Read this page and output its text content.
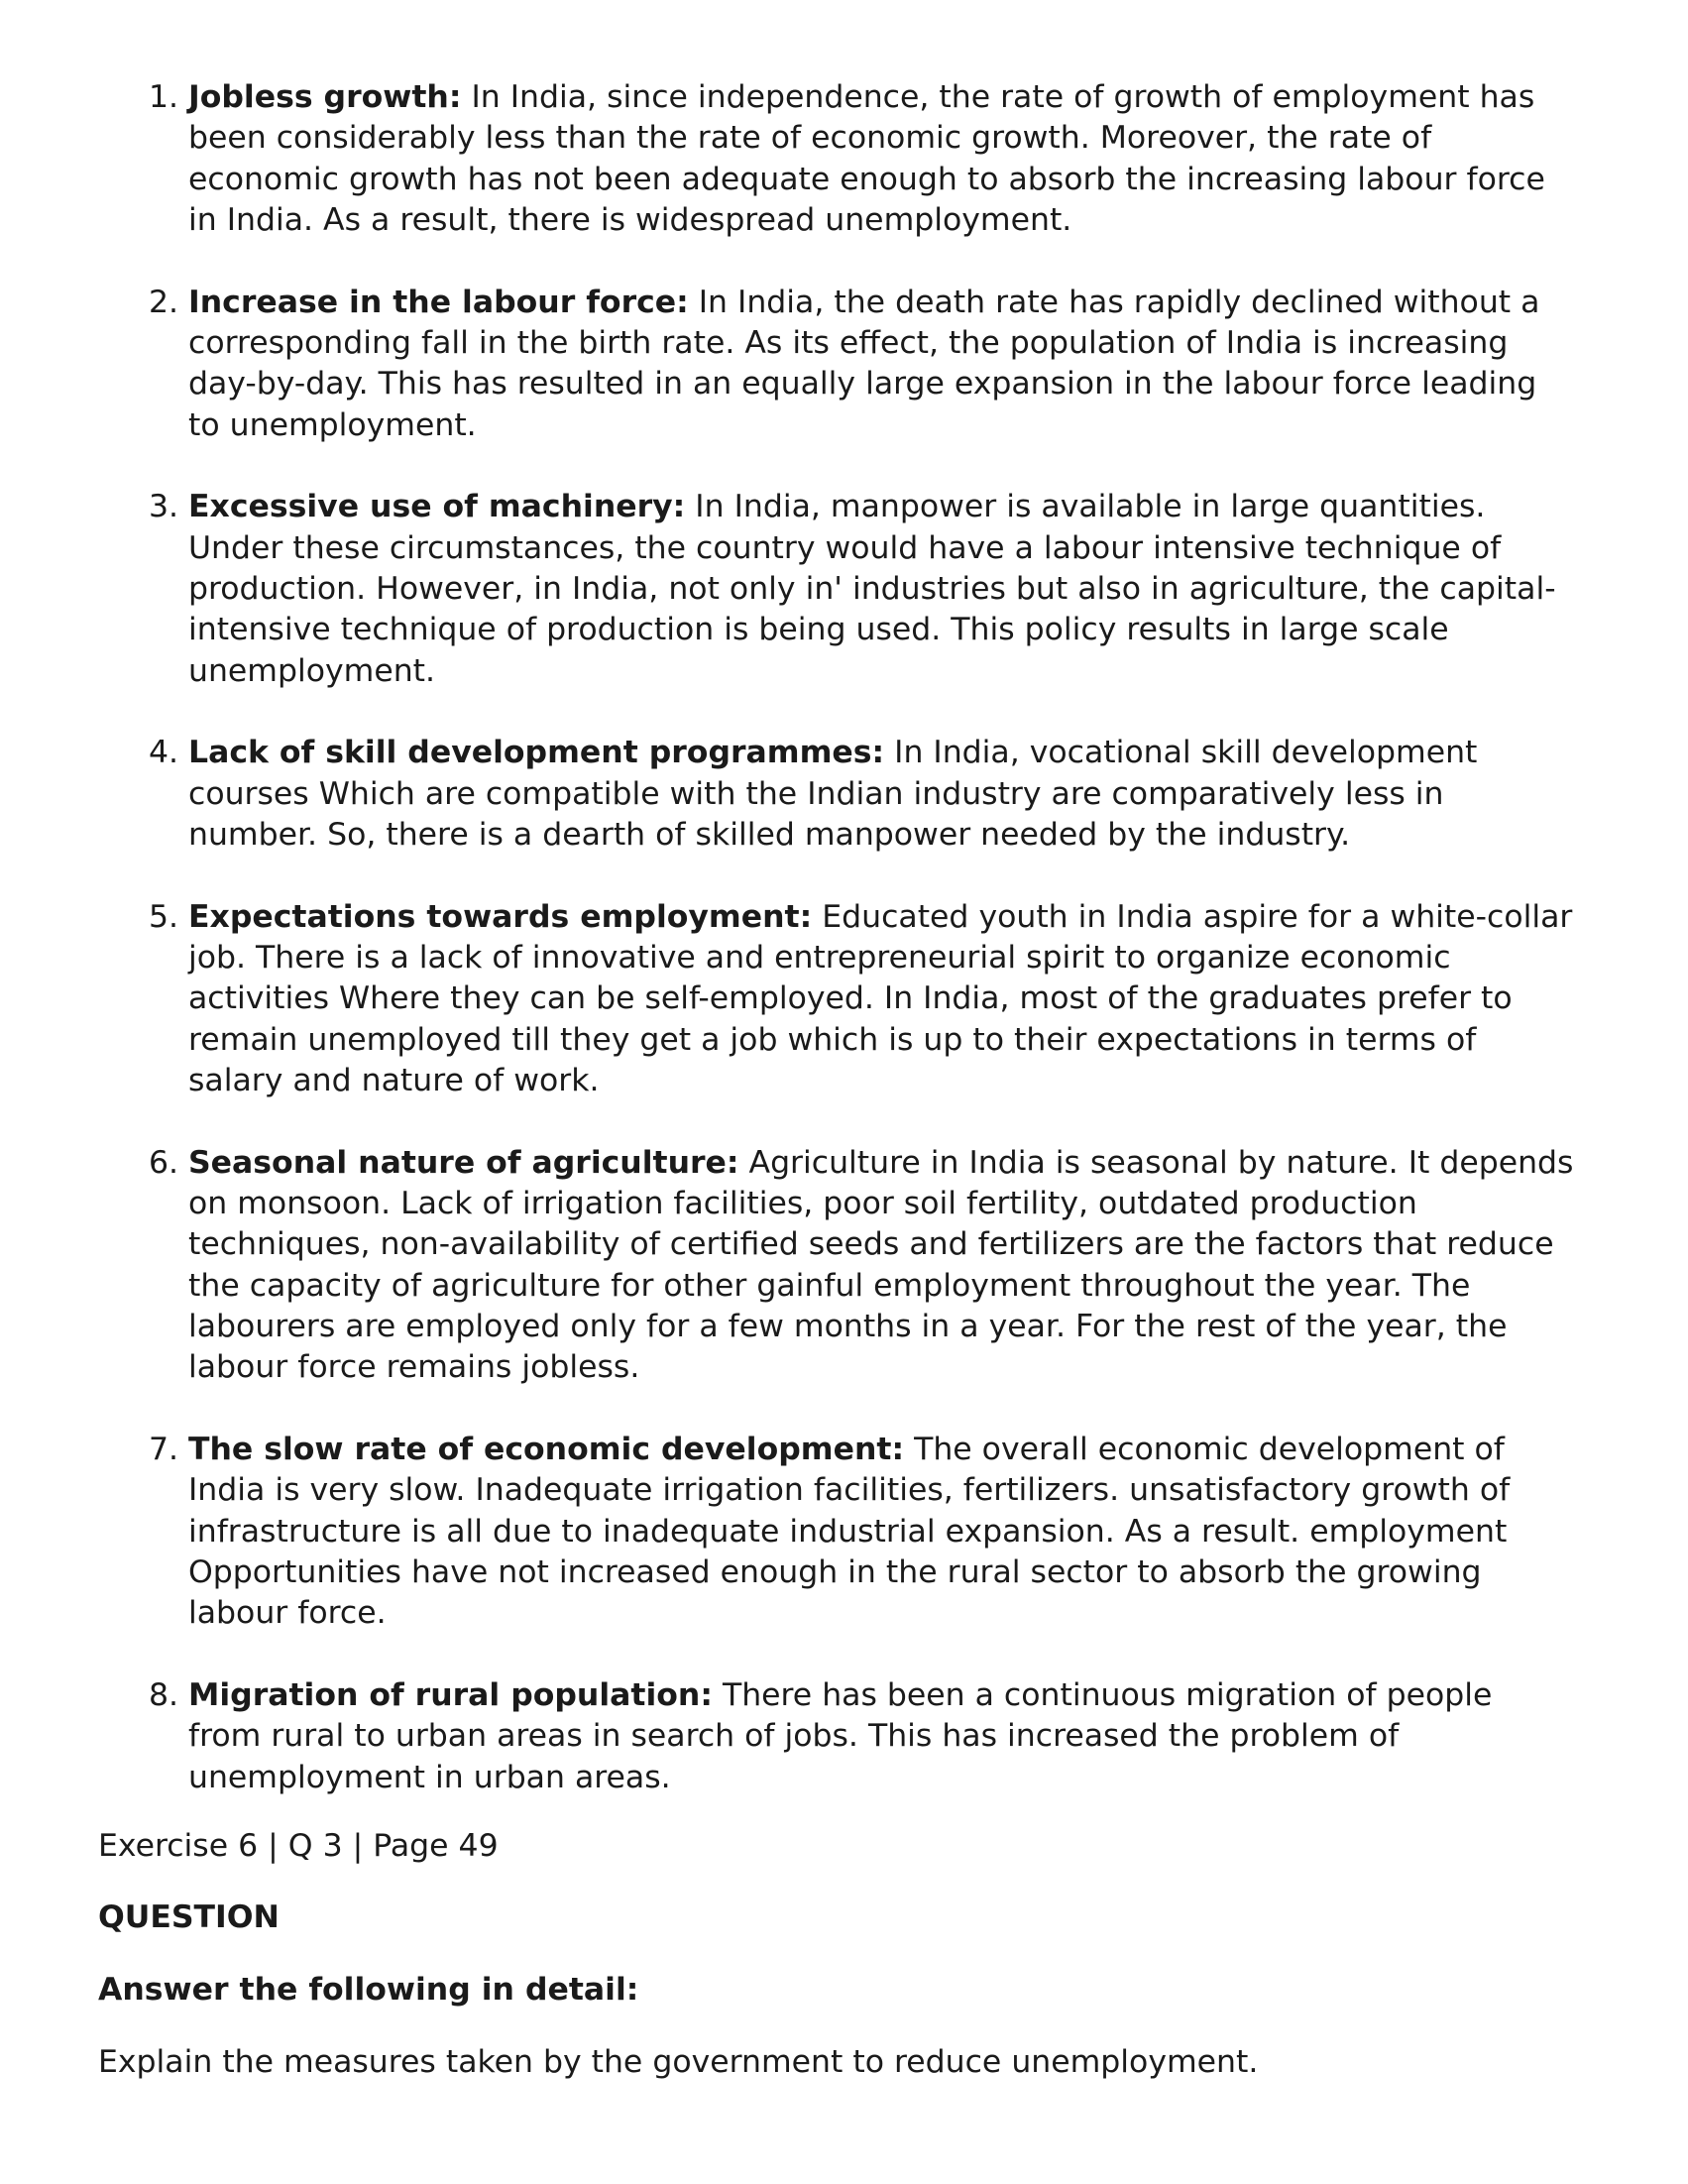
1 . Jobless growth: In India, since independence, the rate of growth of employment has been considerably less than the rate of economic growth. Moreover, the rate of economic growth has not been adequate enough to absorb the increasing labour force in India. As a result, there is widespread unemployment.
2 . Increase in the labour force: In India, the death rate has rapidly declined without a corresponding fall in the birth rate. As its effect, the population of India is increasing day-by-day. This has resulted in an equally large expansion in the labour force leading to unemployment.
3 . Excessive use of machinery: In India, manpower is available in large quantities. Under these circumstances, the country would have a labour intensive technique of production. However, in India, not only in' industries but also in agriculture, the capital-intensive technique of production is being used. This policy results in large scale unemployment.
4 . Lack of skill development programmes: In India, vocational skill development courses Which are compatible with the Indian industry are comparatively less in number. So, there is a dearth of skilled manpower needed by the industry.
5 . Expectations towards employment: Educated youth in India aspire for a white-collar job. There is a lack of innovative and entrepreneurial spirit to organize economic activities Where they can be self-employed. In India, most of the graduates prefer to remain unemployed till they get a job which is up to their expectations in terms of salary and nature of work.
6 . Seasonal nature of agriculture: Agriculture in India is seasonal by nature. It depends on monsoon. Lack of irrigation facilities, poor soil fertility, outdated production techniques, non-availability of certified seeds and fertilizers are the factors that reduce the capacity of agriculture for other gainful employment throughout the year. The labourers are employed only for a few months in a year. For the rest of the year, the labour force remains jobless.
7 . The slow rate of economic development: The overall economic development of India is very slow. Inadequate irrigation facilities, fertilizers. unsatisfactory growth of infrastructure is all due to inadequate industrial expansion. As a result. employment Opportunities have not increased enough in the rural sector to absorb the growing labour force.
8 . Migration of rural population: There has been a continuous migration of people from rural to urban areas in search of jobs. This has increased the problem of unemployment in urban areas.

Exercise 6 | Q 3 | Page 49

QUESTION

Answer the following in detail:

Explain the measures taken by the government to reduce unemployment.
